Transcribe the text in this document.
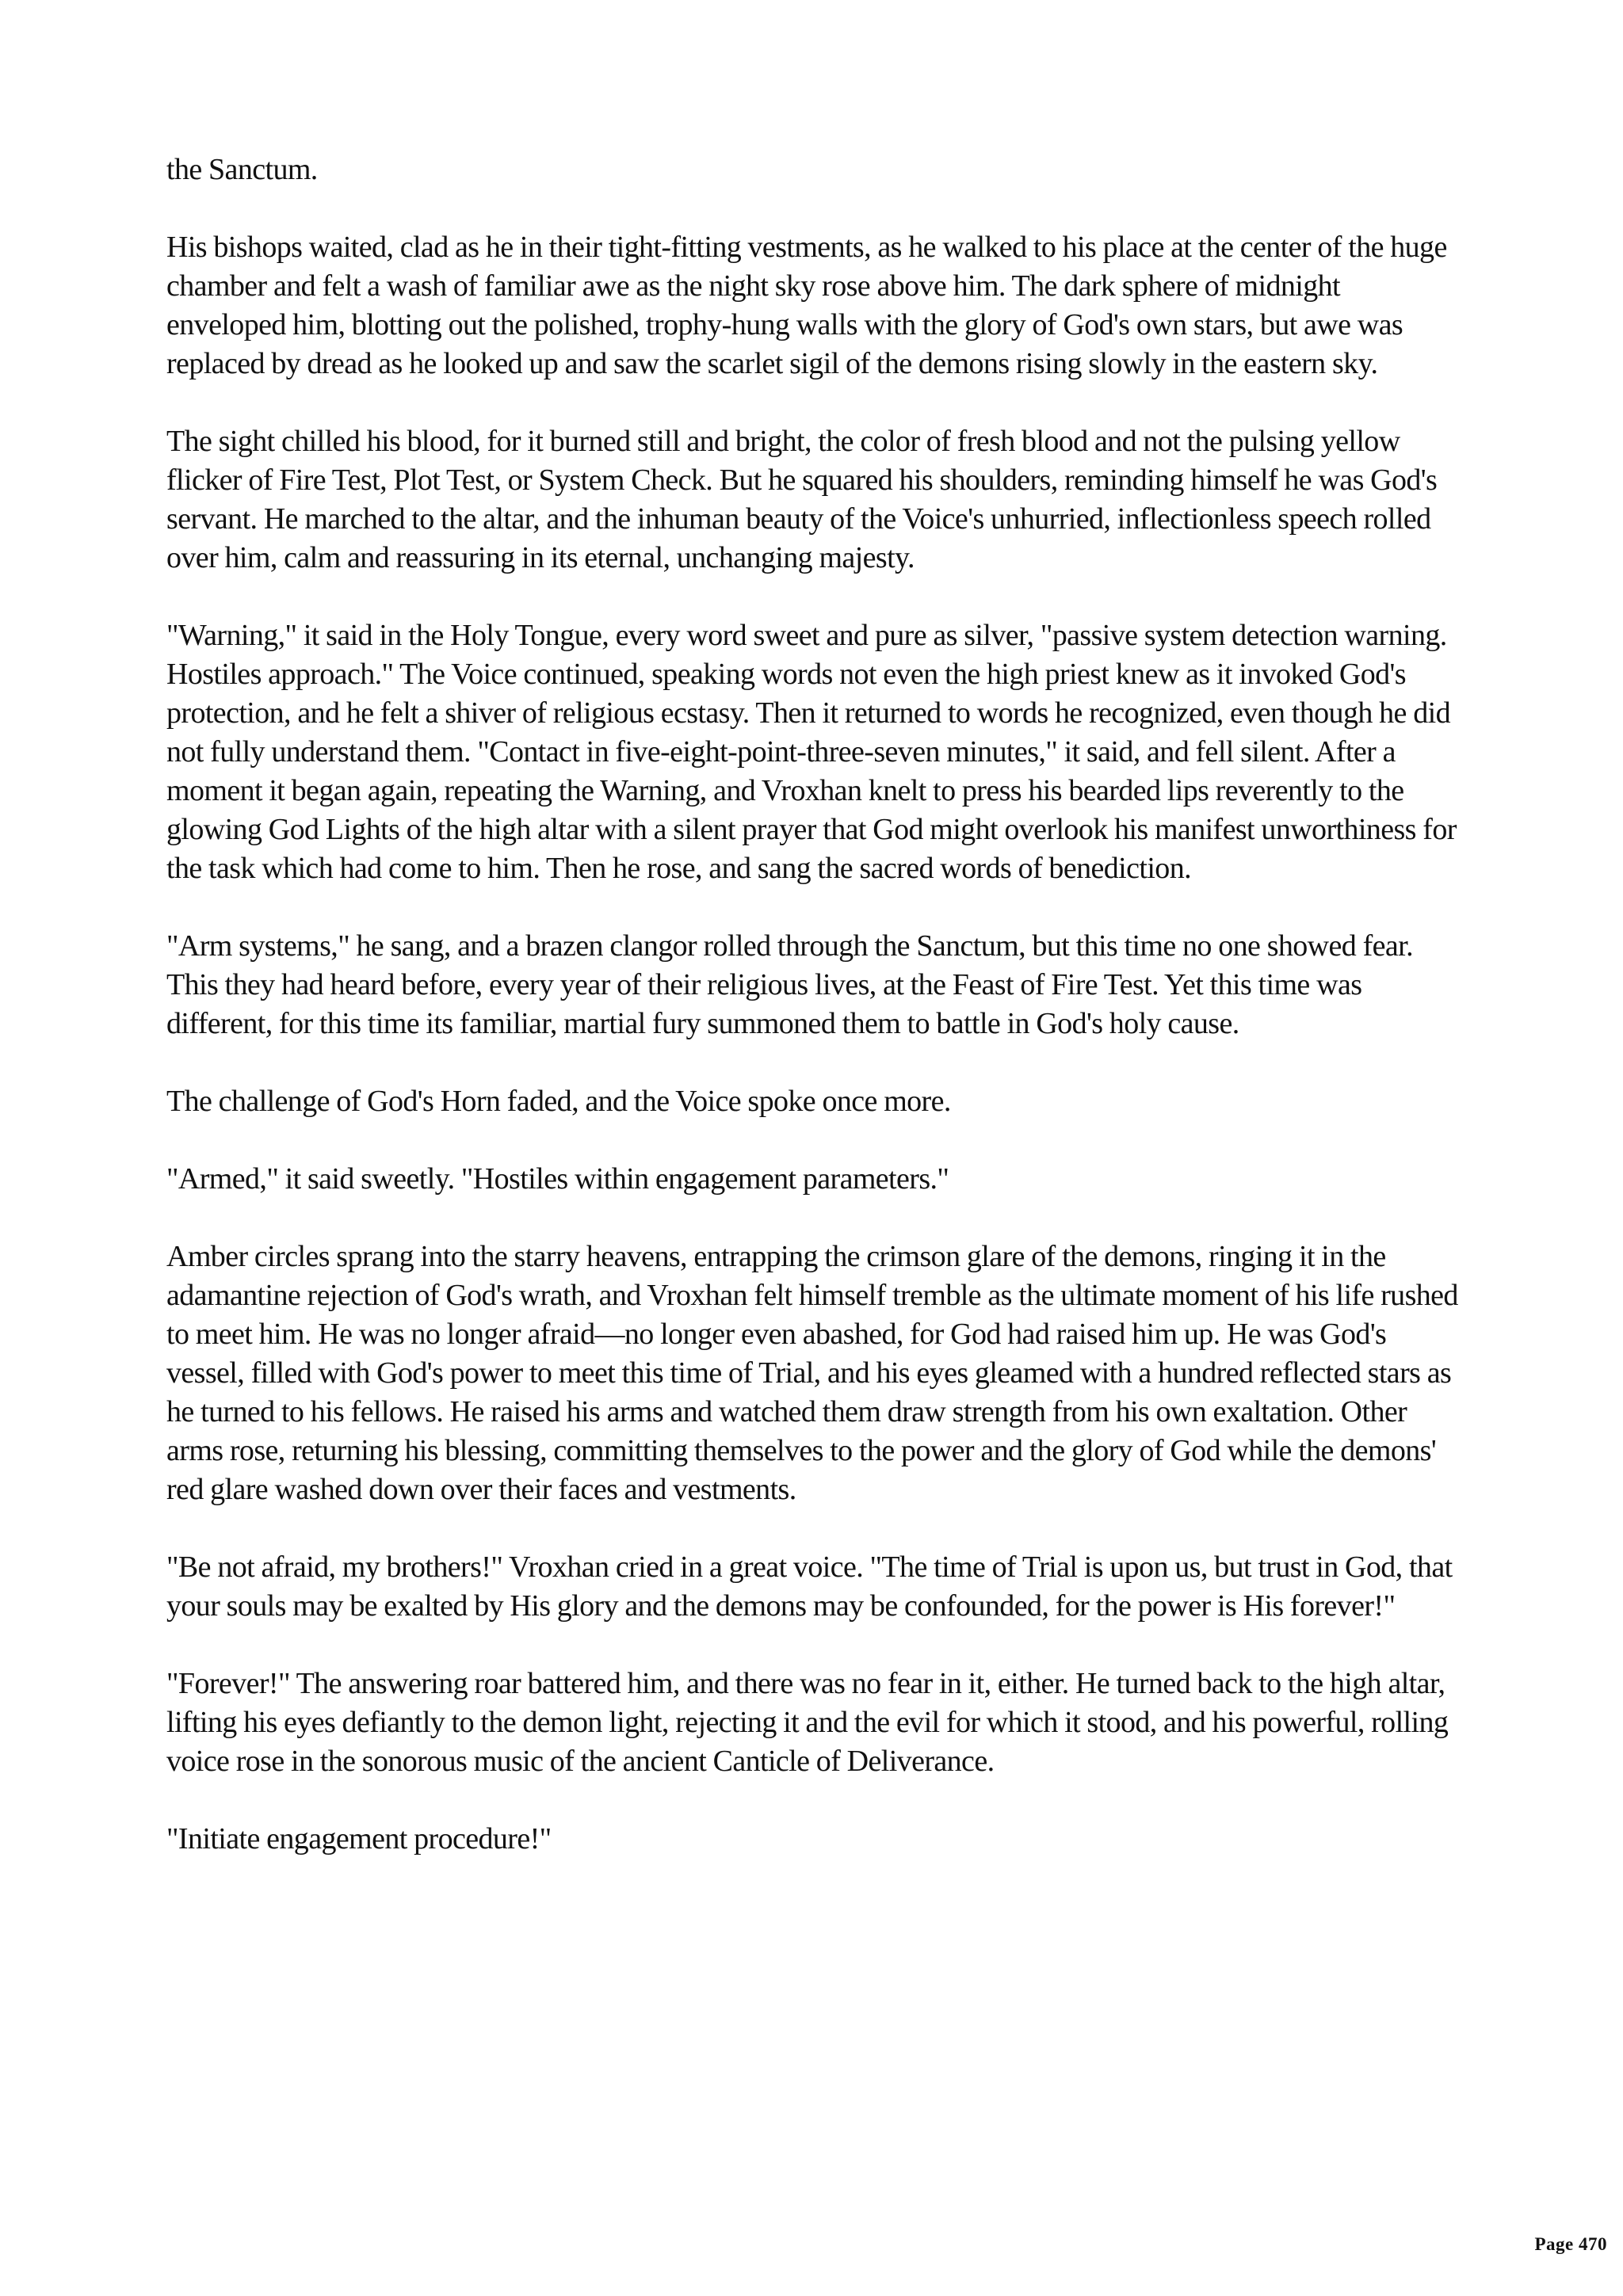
the Sanctum.

His bishops waited, clad as he in their tight-fitting vestments, as he walked to his place at the center of the huge chamber and felt a wash of familiar awe as the night sky rose above him. The dark sphere of midnight enveloped him, blotting out the polished, trophy-hung walls with the glory of God's own stars, but awe was replaced by dread as he looked up and saw the scarlet sigil of the demons rising slowly in the eastern sky.

The sight chilled his blood, for it burned still and bright, the color of fresh blood and not the pulsing yellow flicker of Fire Test, Plot Test, or System Check. But he squared his shoulders, reminding himself he was God's servant. He marched to the altar, and the inhuman beauty of the Voice's unhurried, inflectionless speech rolled over him, calm and reassuring in its eternal, unchanging majesty.

"Warning," it said in the Holy Tongue, every word sweet and pure as silver, "passive system detection warning. Hostiles approach." The Voice continued, speaking words not even the high priest knew as it invoked God's protection, and he felt a shiver of religious ecstasy. Then it returned to words he recognized, even though he did not fully understand them. "Contact in five-eight-point-three-seven minutes," it said, and fell silent. After a moment it began again, repeating the Warning, and Vroxhan knelt to press his bearded lips reverently to the glowing God Lights of the high altar with a silent prayer that God might overlook his manifest unworthiness for the task which had come to him. Then he rose, and sang the sacred words of benediction.

"Arm systems," he sang, and a brazen clangor rolled through the Sanctum, but this time no one showed fear. This they had heard before, every year of their religious lives, at the Feast of Fire Test. Yet this time was different, for this time its familiar, martial fury summoned them to battle in God's holy cause.

The challenge of God's Horn faded, and the Voice spoke once more.

"Armed," it said sweetly. "Hostiles within engagement parameters."

Amber circles sprang into the starry heavens, entrapping the crimson glare of the demons, ringing it in the adamantine rejection of God's wrath, and Vroxhan felt himself tremble as the ultimate moment of his life rushed to meet him. He was no longer afraid—no longer even abashed, for God had raised him up. He was God's vessel, filled with God's power to meet this time of Trial, and his eyes gleamed with a hundred reflected stars as he turned to his fellows. He raised his arms and watched them draw strength from his own exaltation. Other arms rose, returning his blessing, committing themselves to the power and the glory of God while the demons' red glare washed down over their faces and vestments.

"Be not afraid, my brothers!" Vroxhan cried in a great voice. "The time of Trial is upon us, but trust in God, that your souls may be exalted by His glory and the demons may be confounded, for the power is His forever!"

"Forever!" The answering roar battered him, and there was no fear in it, either. He turned back to the high altar, lifting his eyes defiantly to the demon light, rejecting it and the evil for which it stood, and his powerful, rolling voice rose in the sonorous music of the ancient Canticle of Deliverance.

"Initiate engagement procedure!"

Page 470
